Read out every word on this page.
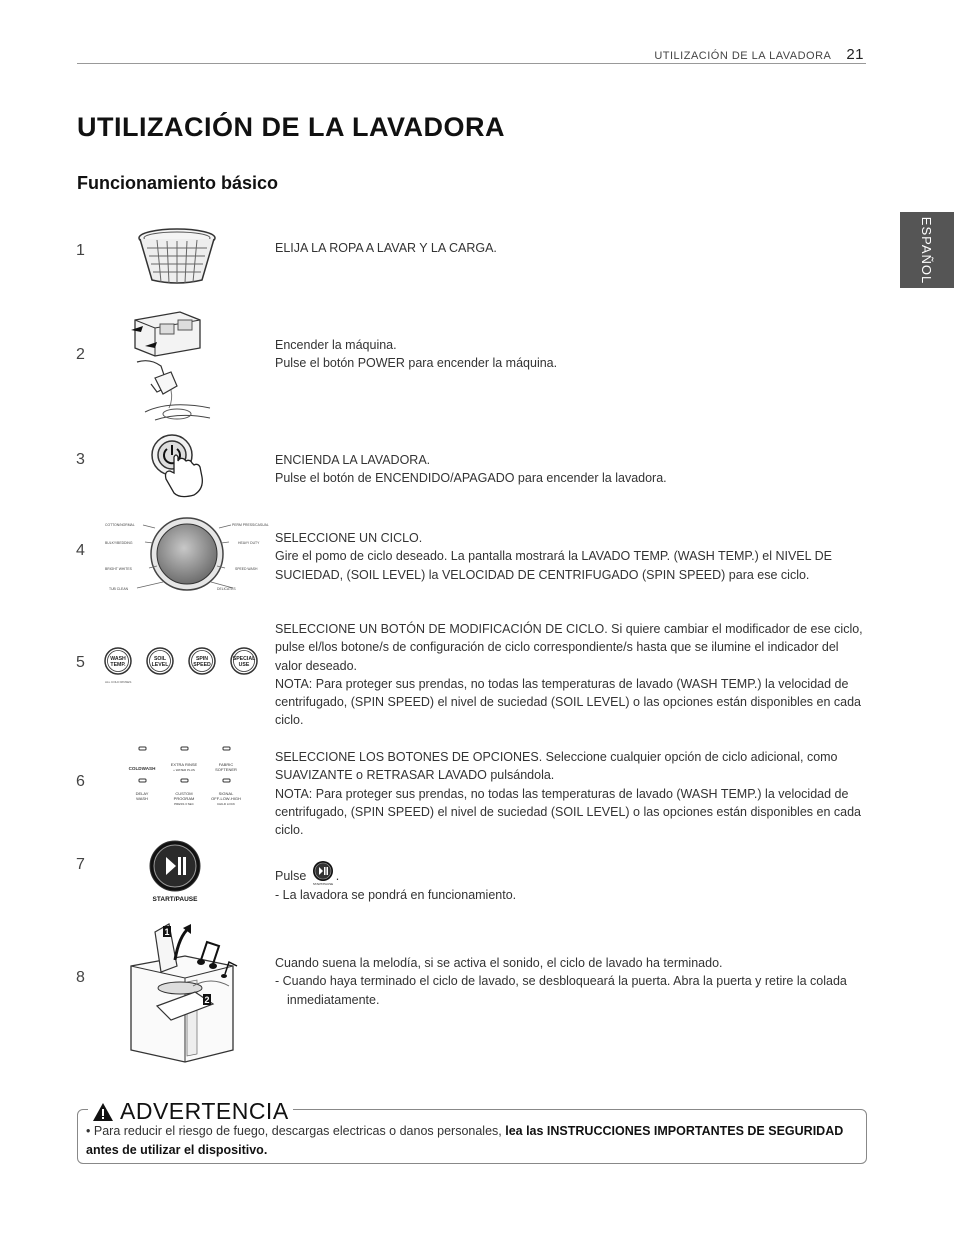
UTILIZACIÓN DE LA LAVADORA 21
ESPAÑOL
UTILIZACIÓN DE LA LAVADORA
Funcionamiento básico
1	ELIJA LA ROPA A LAVAR Y LA CARGA.

2

Encender la máquina.

Pulse el botón POWER para encender la máquina.

3	ENCIENDA LA LAVADORA.

Pulse el botón de ENCENDIDO/APAGADO para encender la lavadora.

4
COTTON/NORMAL
BULKY/BEDDING
BRIGHT WHITES
TUB CLEAN
PERM PRESS/CASUAL
HEAVY DUTY
SPEED WASH
DELICATES

SELECCIONE UN CICLO.

Gire el pomo de ciclo deseado. La pantalla mostrará la LAVADO TEMP. (WASH TEMP.) el NIVEL DE SUCIEDAD, (SOIL LEVEL) la VELOCIDAD DE CENTRIFUGADO (SPIN SPEED) para ese ciclo.

5	WASH
TEMP.
SOIL
LEVEL
SPIN
SPEED
SPECIAL
USE
ALL COLD RINSES

SELECCIONE UN BOTÓN DE MODIFICACIÓN DE CICLO. Si quiere cambiar el modificador de ese ciclo, pulse el/los botone/s de configuración de ciclo correspondiente/s hasta que se ilumine el indicador del valor deseado.

NOTA: Para proteger sus prendas, no todas las temperaturas de lavado (WASH TEMP.) la velocidad de centrifugado, (SPIN SPEED) el nivel de suciedad (SOIL LEVEL) o las opciones están disponibles en cada ciclo.

6
COLDWASH
EXTRA RINSE
+ WATER PLUS
FABRIC
SOFTENER
DELAY
WASH
CUSTOM
PROGRAM
PRESS 3 SEC
SIGNAL
OFF-LOW-HIGH
CHILD LOCK

SELECCIONE LOS BOTONES DE OPCIONES. Seleccione cualquier opción de ciclo adicional, como SUAVIZANTE o RETRASAR LAVADO pulsándola.

NOTA: Para proteger sus prendas, no todas las temperaturas de lavado (WASH TEMP.) la velocidad de centrifugado, (SPIN SPEED) el nivel de suciedad (SOIL LEVEL) o las opciones están disponibles en cada ciclo.

7
START/PAUSE

Pulse
START/PAUSE
.

- La lavadora se pondrá en funcionamiento.

8
1
2

Cuando suena la melodía, si se activa el sonido, el ciclo de lavado ha terminado.

- Cuando haya terminado el ciclo de lavado, se desbloqueará la puerta. Abra la puerta y retire la colada inmediatamente.

ADVERTENCIA
• Para reducir el riesgo de fuego, descargas electricas o danos personales, lea las INSTRUCCIONES IMPORTANTES DE SEGURIDAD antes de utilizar el dispositivo.
